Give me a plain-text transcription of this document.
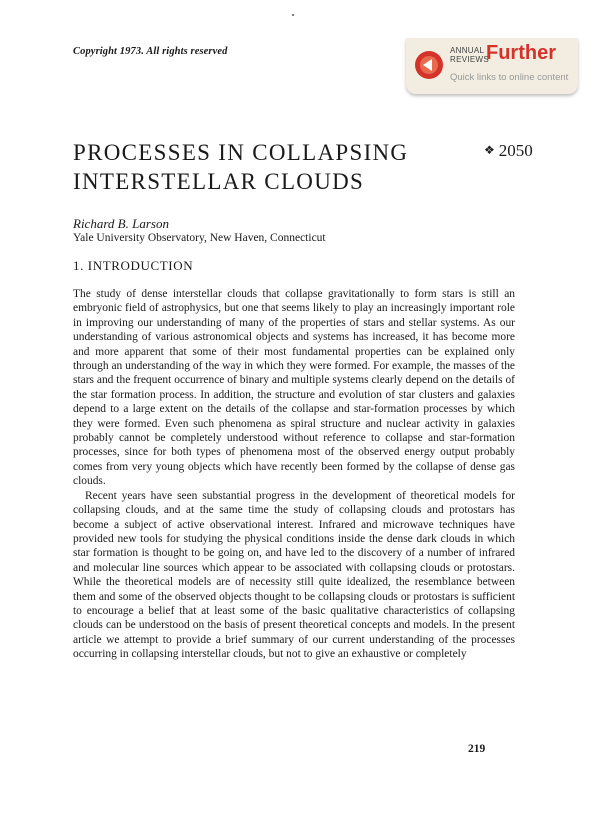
Copyright 1973. All rights reserved	ANNUAL
REVIEWS
Further
Quick links to online content
PROCESSES IN COLLAPSING
INTERSTELLAR CLOUDS
❖ 2050
Richard B. Larson
Yale University Observatory, New Haven, Connecticut
1. INTRODUCTION

The study of dense interstellar clouds that collapse gravitationally to form stars is still an embryonic field of astrophysics, but one that seems likely to play an increasingly important role in improving our understanding of many of the properties of stars and stellar systems. As our understanding of various astronomical objects and systems has increased, it has become more and more apparent that some of their most fundamental properties can be explained only through an understanding of the way in which they were formed. For example, the masses of the stars and the frequent occurrence of binary and multiple systems clearly depend on the details of the star formation process. In addition, the structure and evolution of star clusters and galaxies depend to a large extent on the details of the collapse and star-formation processes by which they were formed. Even such phenomena as spiral structure and nuclear activity in galaxies probably cannot be completely understood without reference to collapse and star-formation processes, since for both types of phenomena most of the observed energy output probably comes from very young objects which have recently been formed by the collapse of dense gas clouds.

Recent years have seen substantial progress in the development of theoretical models for collapsing clouds, and at the same time the study of collapsing clouds and protostars has become a subject of active observational interest. Infrared and microwave techniques have provided new tools for studying the physical conditions inside the dense dark clouds in which star formation is thought to be going on, and have led to the discovery of a number of infrared and molecular line sources which appear to be associated with collapsing clouds or protostars. While the theoretical models are of necessity still quite idealized, the resemblance between them and some of the observed objects thought to be collapsing clouds or protostars is sufficient to encourage a belief that at least some of the basic qualitative characteristics of collapsing clouds can be understood on the basis of present theoretical concepts and models. In the present article we attempt to provide a brief summary of our current understanding of the processes occurring in collapsing interstellar clouds, but not to give an exhaustive or completely

219
